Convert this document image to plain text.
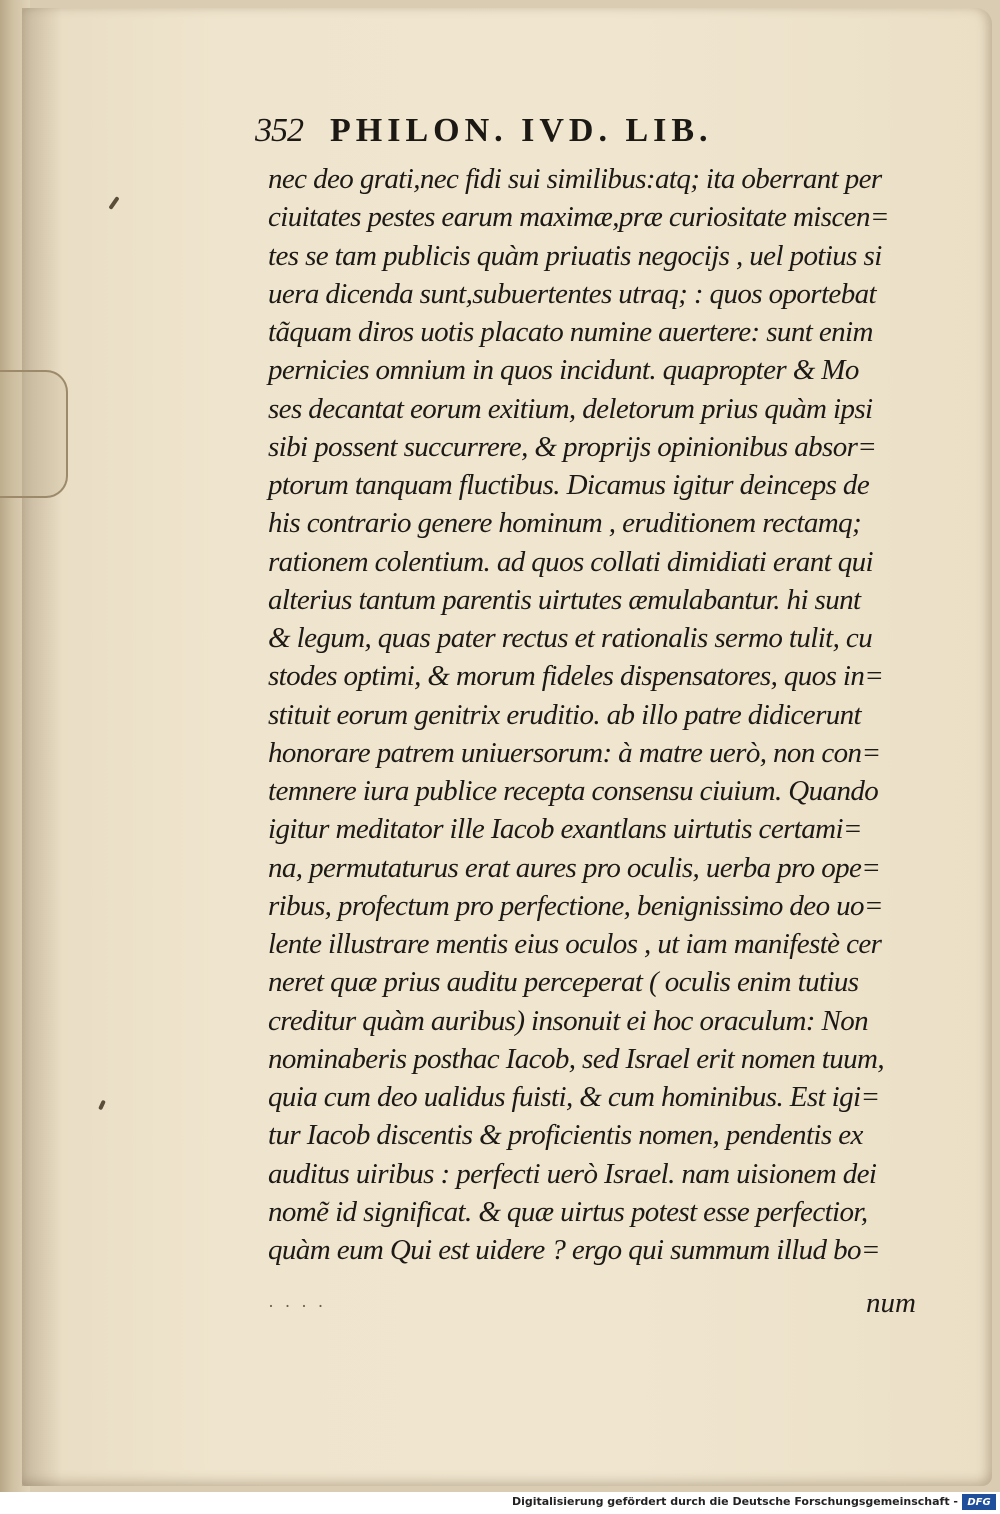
352 PHILON. IVD. LIB.
nec deo grati,nec fidi sui similibus:atq; ita oberrant per
ciuitates pestes earum maximæ,præ curiositate miscen=
tes se tam publicis quàm priuatis negocijs , uel potius si
uera dicenda sunt,subuertentes utraq; : quos oportebat
tãquam diros uotis placato numine auertere: sunt enim
pernicies omnium in quos incidunt. quapropter & Mo
ses decantat eorum exitium, deletorum prius quàm ipsi
sibi possent succurrere, & proprijs opinionibus absor=
ptorum tanquam fluctibus. Dicamus igitur deinceps de
his contrario genere hominum , eruditionem rectamq;
rationem colentium. ad quos collati dimidiati erant qui
alterius tantum parentis uirtutes æmulabantur. hi sunt
& legum, quas pater rectus et rationalis sermo tulit, cu
stodes optimi, & morum fideles dispensatores, quos in=
stituit eorum genitrix eruditio. ab illo patre didicerunt
honorare patrem uniuersorum: à matre uerò, non con=
temnere iura publice recepta consensu ciuium. Quando
igitur meditator ille Iacob exantlans uirtutis certami=
na, permutaturus erat aures pro oculis, uerba pro ope=
ribus, profectum pro perfectione, benignissimo deo uo=
lente illustrare mentis eius oculos , ut iam manifestè cer
neret quæ prius auditu perceperat ( oculis enim tutius
creditur quàm auribus) insonuit ei hoc oraculum: Non
nominaberis posthac Iacob, sed Israel erit nomen tuum,
quia cum deo ualidus fuisti, & cum hominibus. Est igi=
tur Iacob discentis & proficientis nomen, pendentis ex
auditus uiribus : perfecti uerò Israel. nam uisionem dei
nomẽ id significat. & quæ uirtus potest esse perfectior,
quàm eum Qui est uidere ? ergo qui summum illud bo=
· · · ·	num
Digitalisierung gefördert durch die Deutsche Forschungsgemeinschaft - DFG
